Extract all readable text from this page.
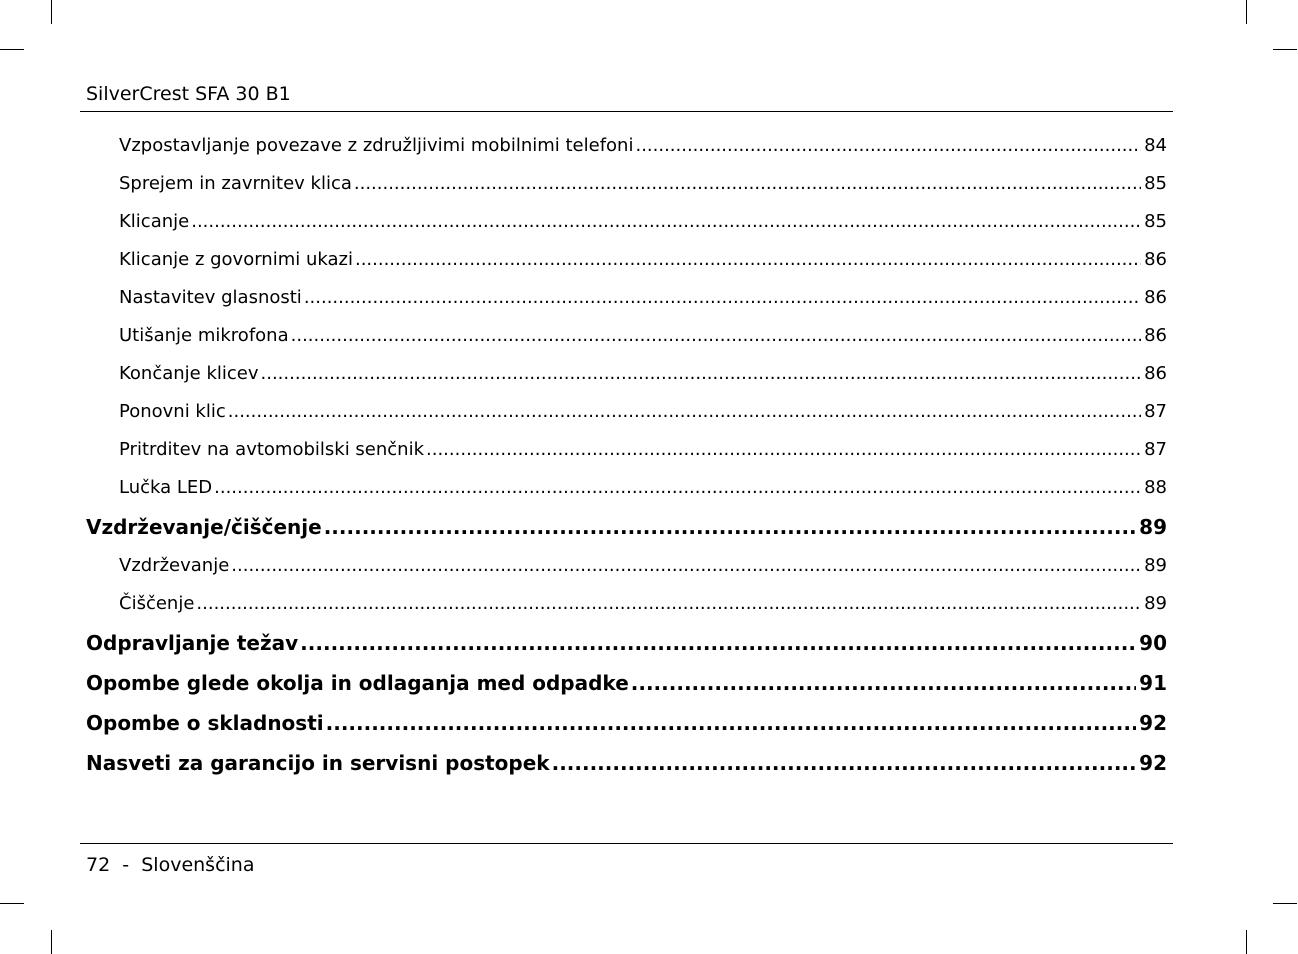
SilverCrest SFA 30 B1
Vzpostavljanje povezave z združljivimi mobilnimi telefoni .....	84
Sprejem in zavrnitev klica .....	85
Klicanje .....	85
Klicanje z govornimi ukazi .....	86
Nastavitev glasnosti .....	86
Utišanje mikrofona .....	86
Končanje klicev .....	86
Ponovni klic .....	87
Pritrditev na avtomobilski senčnik .....	87
Lučka LED .....	88
Vzdrževanje/čiščenje .....	89
Vzdrževanje .....	89
Čiščenje .....	89
Odpravljanje težav .....	90
Opombe glede okolja in odlaganja med odpadke .....	91
Opombe o skladnosti .....	92
Nasveti za garancijo in servisni postopek .....	92
72 - Slovenščina
